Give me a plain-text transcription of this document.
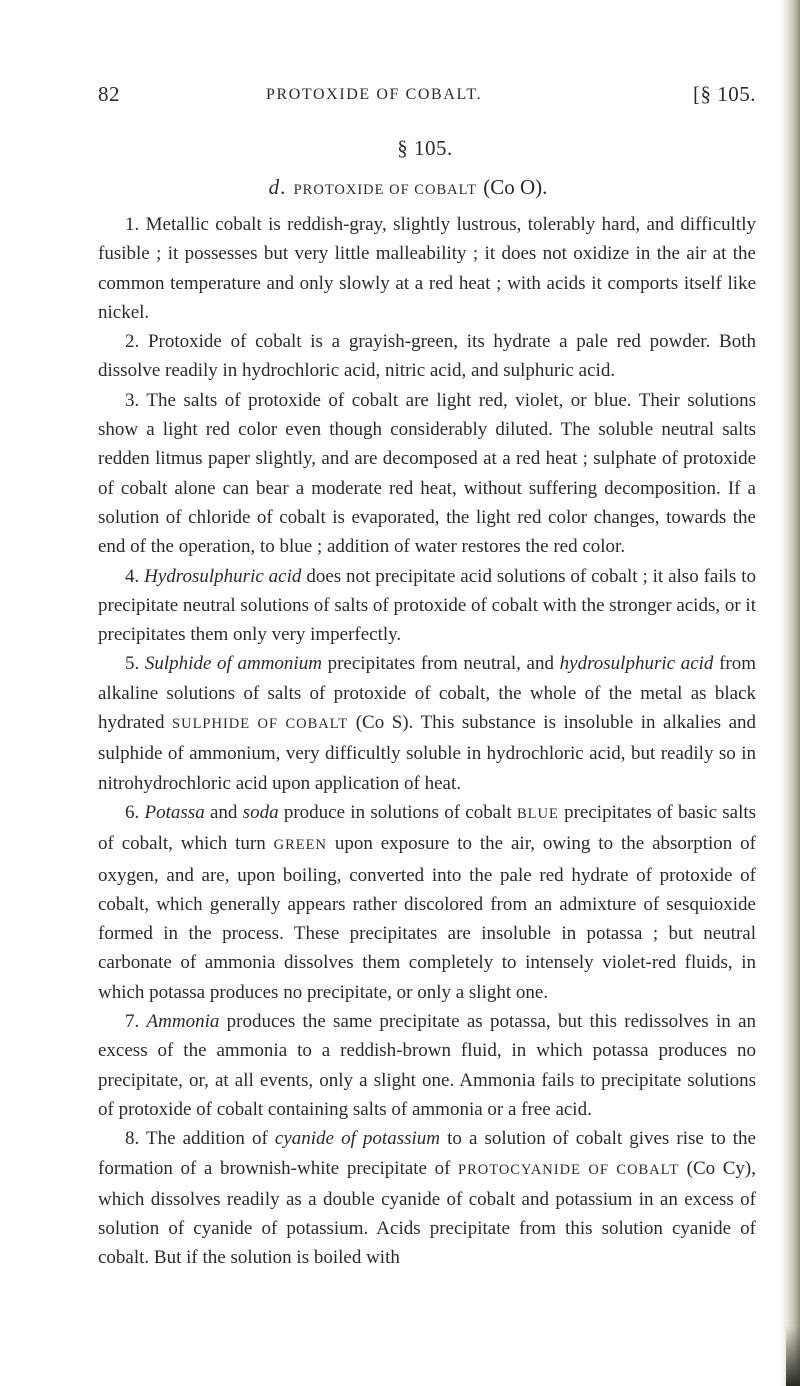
82	PROTOXIDE OF COBALT.	[§ 105.
§ 105.
d. PROTOXIDE OF COBALT (Co O).

1. Metallic cobalt is reddish-gray, slightly lustrous, tolerably hard, and difficultly fusible ; it possesses but very little malleability ; it does not oxidize in the air at the common temperature and only slowly at a red heat ; with acids it comports itself like nickel.

2. Protoxide of cobalt is a grayish-green, its hydrate a pale red powder. Both dissolve readily in hydrochloric acid, nitric acid, and sulphuric acid.

3. The salts of protoxide of cobalt are light red, violet, or blue. Their solutions show a light red color even though considerably diluted. The soluble neutral salts redden litmus paper slightly, and are decomposed at a red heat ; sulphate of protoxide of cobalt alone can bear a moderate red heat, without suffering decomposition. If a solution of chloride of cobalt is evaporated, the light red color changes, towards the end of the operation, to blue ; addition of water restores the red color.

4. Hydrosulphuric acid does not precipitate acid solutions of cobalt ; it also fails to precipitate neutral solutions of salts of protoxide of cobalt with the stronger acids, or it precipitates them only very imperfectly.

5. Sulphide of ammonium precipitates from neutral, and hydrosulphuric acid from alkaline solutions of salts of protoxide of cobalt, the whole of the metal as black hydrated SULPHIDE OF COBALT (Co S). This substance is insoluble in alkalies and sulphide of ammonium, very difficultly soluble in hydrochloric acid, but readily so in nitrohydrochloric acid upon application of heat.

6. Potassa and soda produce in solutions of cobalt BLUE precipitates of basic salts of cobalt, which turn GREEN upon exposure to the air, owing to the absorption of oxygen, and are, upon boiling, converted into the pale red hydrate of protoxide of cobalt, which generally appears rather discolored from an admixture of sesquioxide formed in the process. These precipitates are insoluble in potassa ; but neutral carbonate of ammonia dissolves them completely to intensely violet-red fluids, in which potassa produces no precipitate, or only a slight one.

7. Ammonia produces the same precipitate as potassa, but this redissolves in an excess of the ammonia to a reddish-brown fluid, in which potassa produces no precipitate, or, at all events, only a slight one. Ammonia fails to precipitate solutions of protoxide of cobalt containing salts of ammonia or a free acid.

8. The addition of cyanide of potassium to a solution of cobalt gives rise to the formation of a brownish-white precipitate of PROTOCYANIDE OF COBALT (Co Cy), which dissolves readily as a double cyanide of cobalt and potassium in an excess of solution of cyanide of potassium. Acids precipitate from this solution cyanide of cobalt. But if the solution is boiled with
